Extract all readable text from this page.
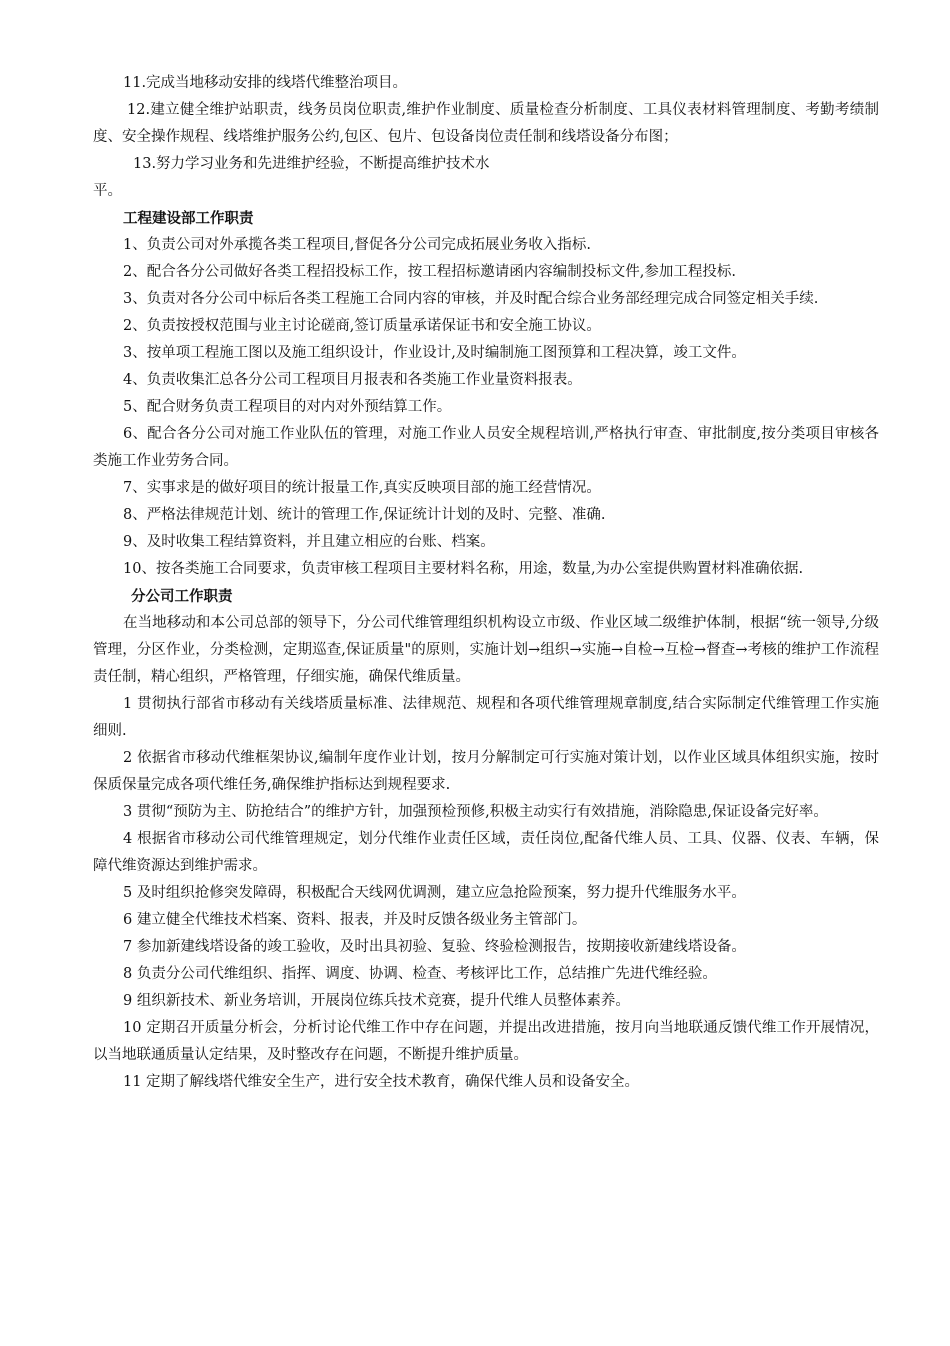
11.完成当地移动安排的线塔代维整治项目。

12.建立健全维护站职责，线务员岗位职责,维护作业制度、质量检查分析制度、工具仪表材料管理制度、考勤考绩制度、安全操作规程、线塔维护服务公约,包区、包片、包设备岗位责任制和线塔设备分布图；

13.努力学习业务和先进维护经验，不断提高维护技术水

平。

工程建设部工作职责

1、负责公司对外承揽各类工程项目,督促各分公司完成拓展业务收入指标.

2、配合各分公司做好各类工程招投标工作，按工程招标邀请函内容编制投标文件,参加工程投标.

3、负责对各分公司中标后各类工程施工合同内容的审核，并及时配合综合业务部经理完成合同签定相关手续.

2、负责按授权范围与业主讨论磋商,签订质量承诺保证书和安全施工协议。

3、按单项工程施工图以及施工组织设计，作业设计,及时编制施工图预算和工程决算，竣工文件。

4、负责收集汇总各分公司工程项目月报表和各类施工作业量资料报表。

5、配合财务负责工程项目的对内对外预结算工作。

6、配合各分公司对施工作业队伍的管理，对施工作业人员安全规程培训,严格执行审查、审批制度,按分类项目审核各类施工作业劳务合同。

7、实事求是的做好项目的统计报量工作,真实反映项目部的施工经营情况。

8、严格法律规范计划、统计的管理工作,保证统计计划的及时、完整、准确.

9、及时收集工程结算资料，并且建立相应的台账、档案。

10、按各类施工合同要求，负责审核工程项目主要材料名称，用途，数量,为办公室提供购置材料准确依据.

分公司工作职责

在当地移动和本公司总部的领导下，分公司代维管理组织机构设立市级、作业区域二级维护体制，根据“统一领导,分级管理，分区作业，分类检测，定期巡查,保证质量"的原则，实施计划→组织→实施→自检→互检→督查→考核的维护工作流程责任制，精心组织，严格管理，仔细实施，确保代维质量。

1 贯彻执行部省市移动有关线塔质量标准、法律规范、规程和各项代维管理规章制度,结合实际制定代维管理工作实施细则.

2 依据省市移动代维框架协议,编制年度作业计划，按月分解制定可行实施对策计划，以作业区域具体组织实施，按时保质保量完成各项代维任务,确保维护指标达到规程要求.

3 贯彻“预防为主、防抢结合”的维护方针，加强预检预修,积极主动实行有效措施，消除隐患,保证设备完好率。

4 根据省市移动公司代维管理规定，划分代维作业责任区域，责任岗位,配备代维人员、工具、仪器、仪表、车辆，保障代维资源达到维护需求。

5 及时组织抢修突发障碍，积极配合天线网优调测，建立应急抢险预案，努力提升代维服务水平。

6 建立健全代维技术档案、资料、报表，并及时反馈各级业务主管部门。

7 参加新建线塔设备的竣工验收，及时出具初验、复验、终验检测报告，按期接收新建线塔设备。

8 负责分公司代维组织、指挥、调度、协调、检查、考核评比工作，总结推广先进代维经验。

9 组织新技术、新业务培训，开展岗位练兵技术竞赛，提升代维人员整体素养。

10 定期召开质量分析会，分析讨论代维工作中存在问题，并提出改进措施，按月向当地联通反馈代维工作开展情况，以当地联通质量认定结果，及时整改存在问题，不断提升维护质量。

11 定期了解线塔代维安全生产，进行安全技术教育，确保代维人员和设备安全。
